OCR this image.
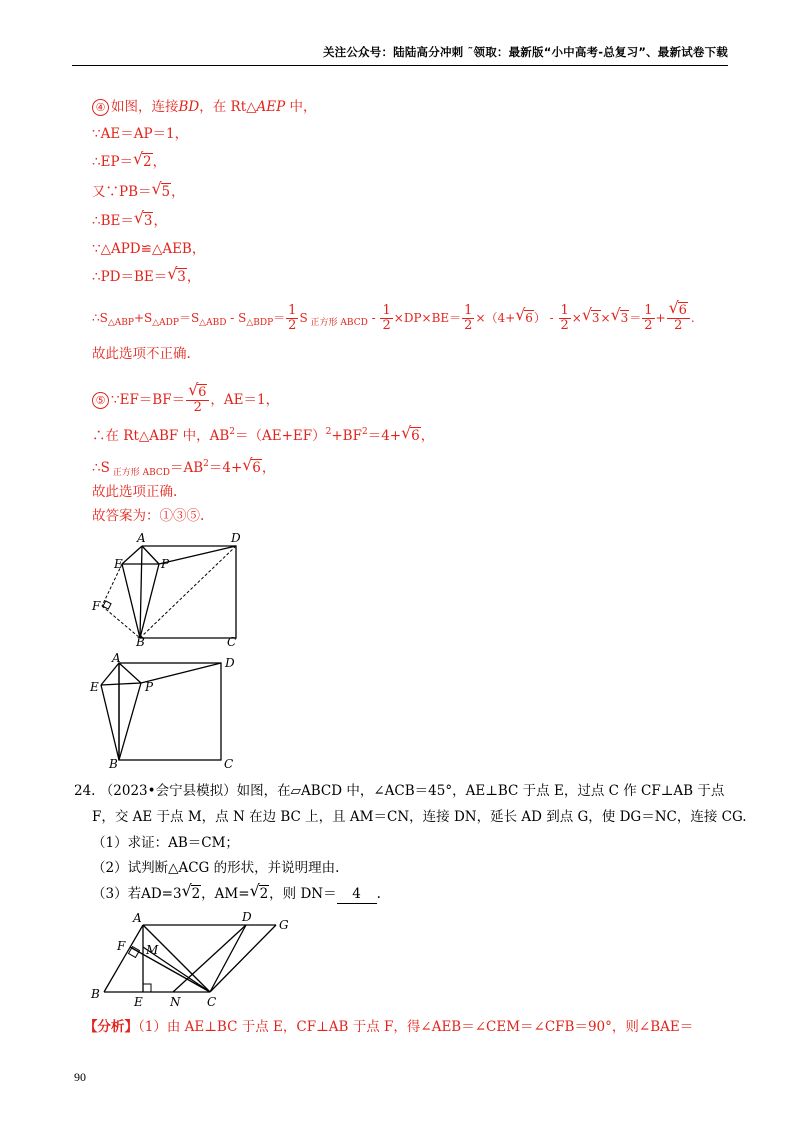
关注公众号：陆陆高分冲刺 ˜领取：最新版“小中高考-总复习”、最新试卷下载
④ 如图，连接BD，在 Rt△AEP 中，
∵AE＝AP＝1，
∴EP＝√ 2，
又∵PB＝√ 5，
∴BE＝√ 3，
∵△APD≌△AEB，
∴PD＝BE＝√ 3，
$\therefore S_{\triangle ABP}+S_{\triangle ADP}=S_{\triangle ABD}$ ‐ $S_{\triangle BDP}= \frac{1}{2}$ S $_{正方形 ABCD}$ ‐ $\frac{1}{2} \times DP\times BE= \frac{1}{2} \times(4+√$ 6） ‐ $\frac{1}{2}$ ×√ 3×√ $3= \frac{1}{2}$ +
√ $\frac{6}{2}$ .
故此选项不正确.
⑤ ∵EF＝BF＝
√ $\frac{6}{2}$ ，AE＝1，
∴在 Rt△ABF 中，$AB^2=(AE+EF)^2+BF^2=4+√$ 6，
∴S $_{正方形 ABCD}=AB^2=4+√$ 6，
故此选项正确.
故答案为：①③⑤.
A	D
E	P
F
B	C
A	D
E	P
B	C
24. （2023•会宁县模拟）如图，在▱ABCD 中，∠ACB＝45°，AE⊥BC 于点 E，过点 C 作 CF⊥AB 于点
F，交 AE 于点 M，点 N 在边 BC 上，且 AM＝CN，连接 DN，延长 AD 到点 G，使 DG＝NC，连接 CG.
（1）求证：AB＝CM；
（2）试判断△ACG 的形状，并说明理由.
（3）若AD=3√ 2，AM=√ 2，则 DN＝ 4 .
A	D
G
F M
B
E N C
【分析】（1）由 AE⊥BC 于点 E，CF⊥AB 于点 F，得∠AEB＝∠CEM＝∠CFB＝90°，则∠BAE＝
90
